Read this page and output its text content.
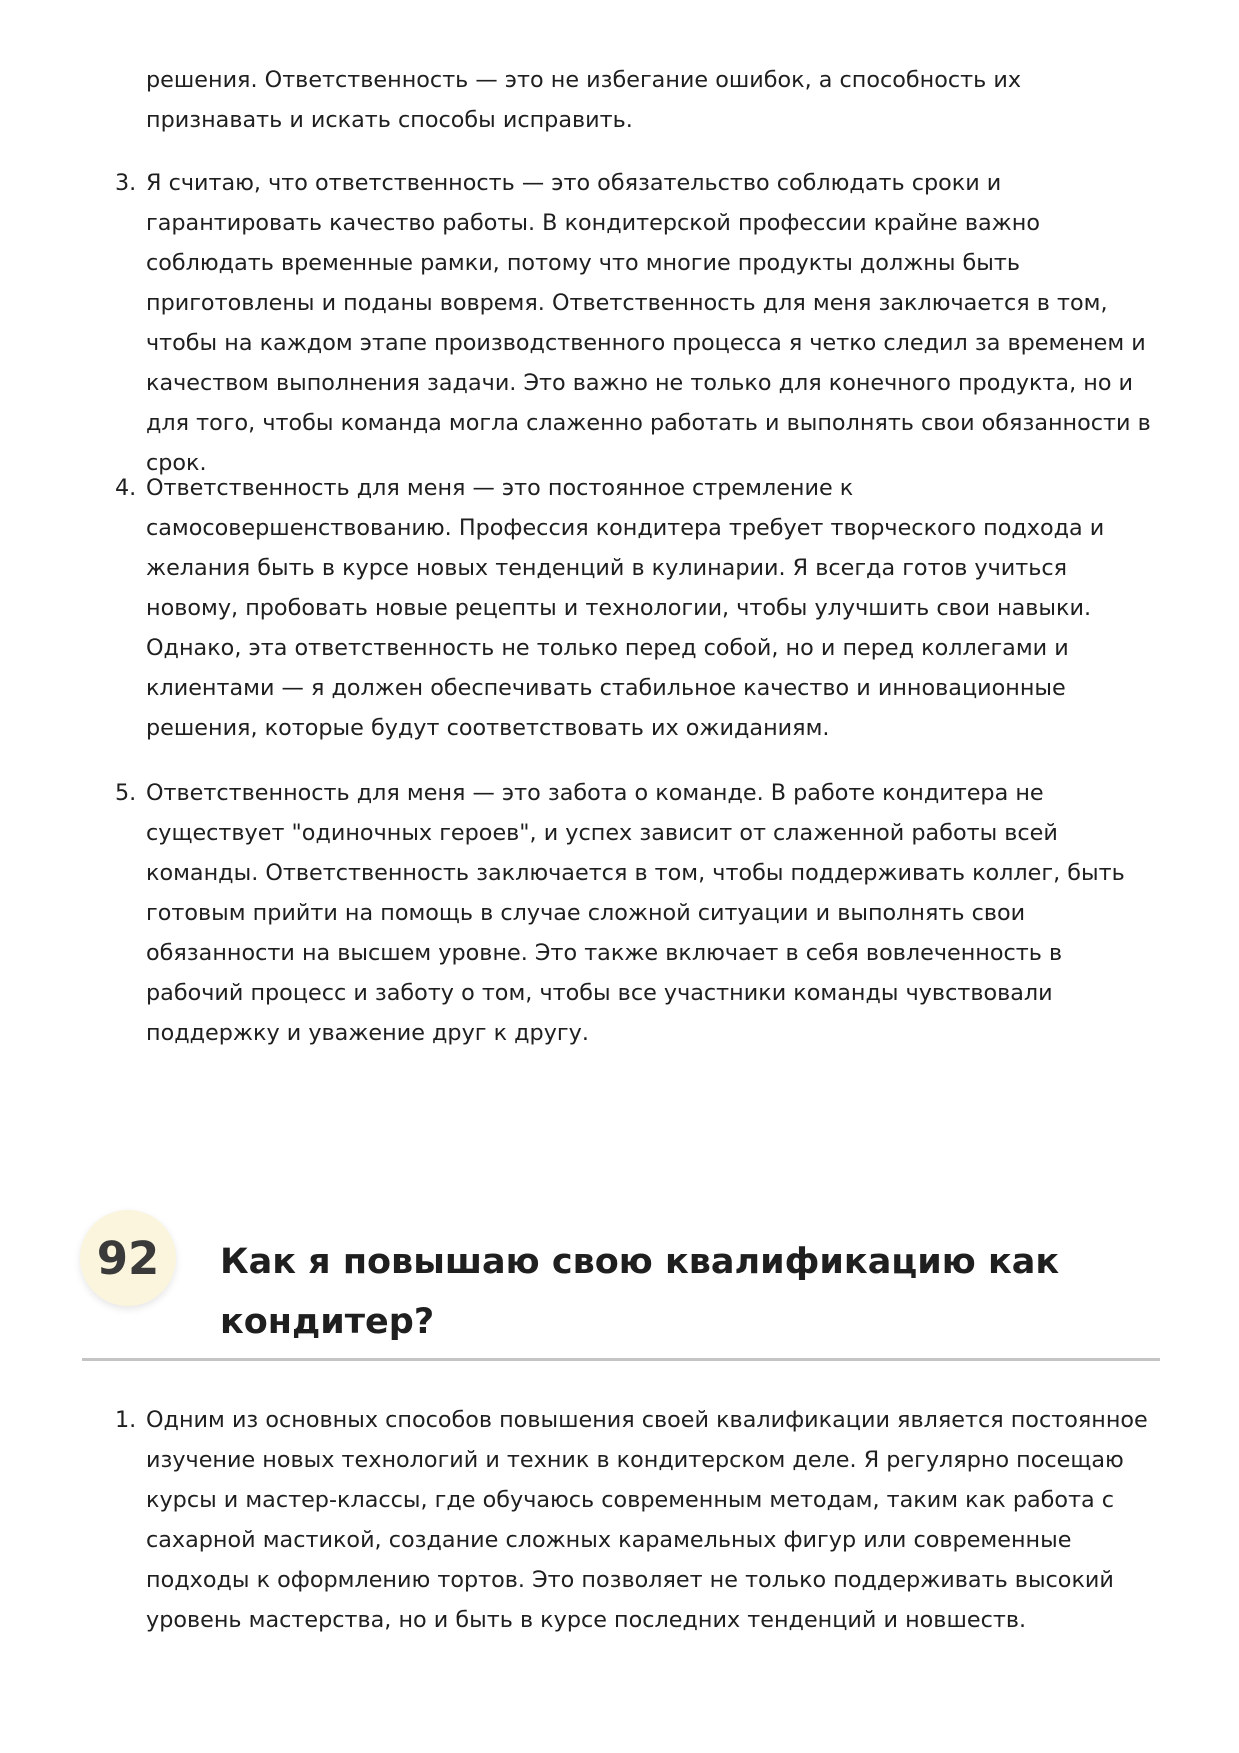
решения. Ответственность — это не избегание ошибок, а способность их признавать и искать способы исправить.

3. Я считаю, что ответственность — это обязательство соблюдать сроки и гарантировать качество работы. В кондитерской профессии крайне важно соблюдать временные рамки, потому что многие продукты должны быть приготовлены и поданы вовремя. Ответственность для меня заключается в том, чтобы на каждом этапе производственного процесса я четко следил за временем и качеством выполнения задачи. Это важно не только для конечного продукта, но и для того, чтобы команда могла слаженно работать и выполнять свои обязанности в срок.

4. Ответственность для меня — это постоянное стремление к самосовершенствованию. Профессия кондитера требует творческого подхода и желания быть в курсе новых тенденций в кулинарии. Я всегда готов учиться новому, пробовать новые рецепты и технологии, чтобы улучшить свои навыки. Однако, эта ответственность не только перед собой, но и перед коллегами и клиентами — я должен обеспечивать стабильное качество и инновационные решения, которые будут соответствовать их ожиданиям.

5. Ответственность для меня — это забота о команде. В работе кондитера не существует "одиночных героев", и успех зависит от слаженной работы всей команды. Ответственность заключается в том, чтобы поддерживать коллег, быть готовым прийти на помощь в случае сложной ситуации и выполнять свои обязанности на высшем уровне. Это также включает в себя вовлеченность в рабочий процесс и заботу о том, чтобы все участники команды чувствовали поддержку и уважение друг к другу.

92 Как я повышаю свою квалификацию как кондитер?
1. Одним из основных способов повышения своей квалификации является постоянное изучение новых технологий и техник в кондитерском деле. Я регулярно посещаю курсы и мастер-классы, где обучаюсь современным методам, таким как работа с сахарной мастикой, создание сложных карамельных фигур или современные подходы к оформлению тортов. Это позволяет не только поддерживать высокий уровень мастерства, но и быть в курсе последних тенденций и новшеств.
